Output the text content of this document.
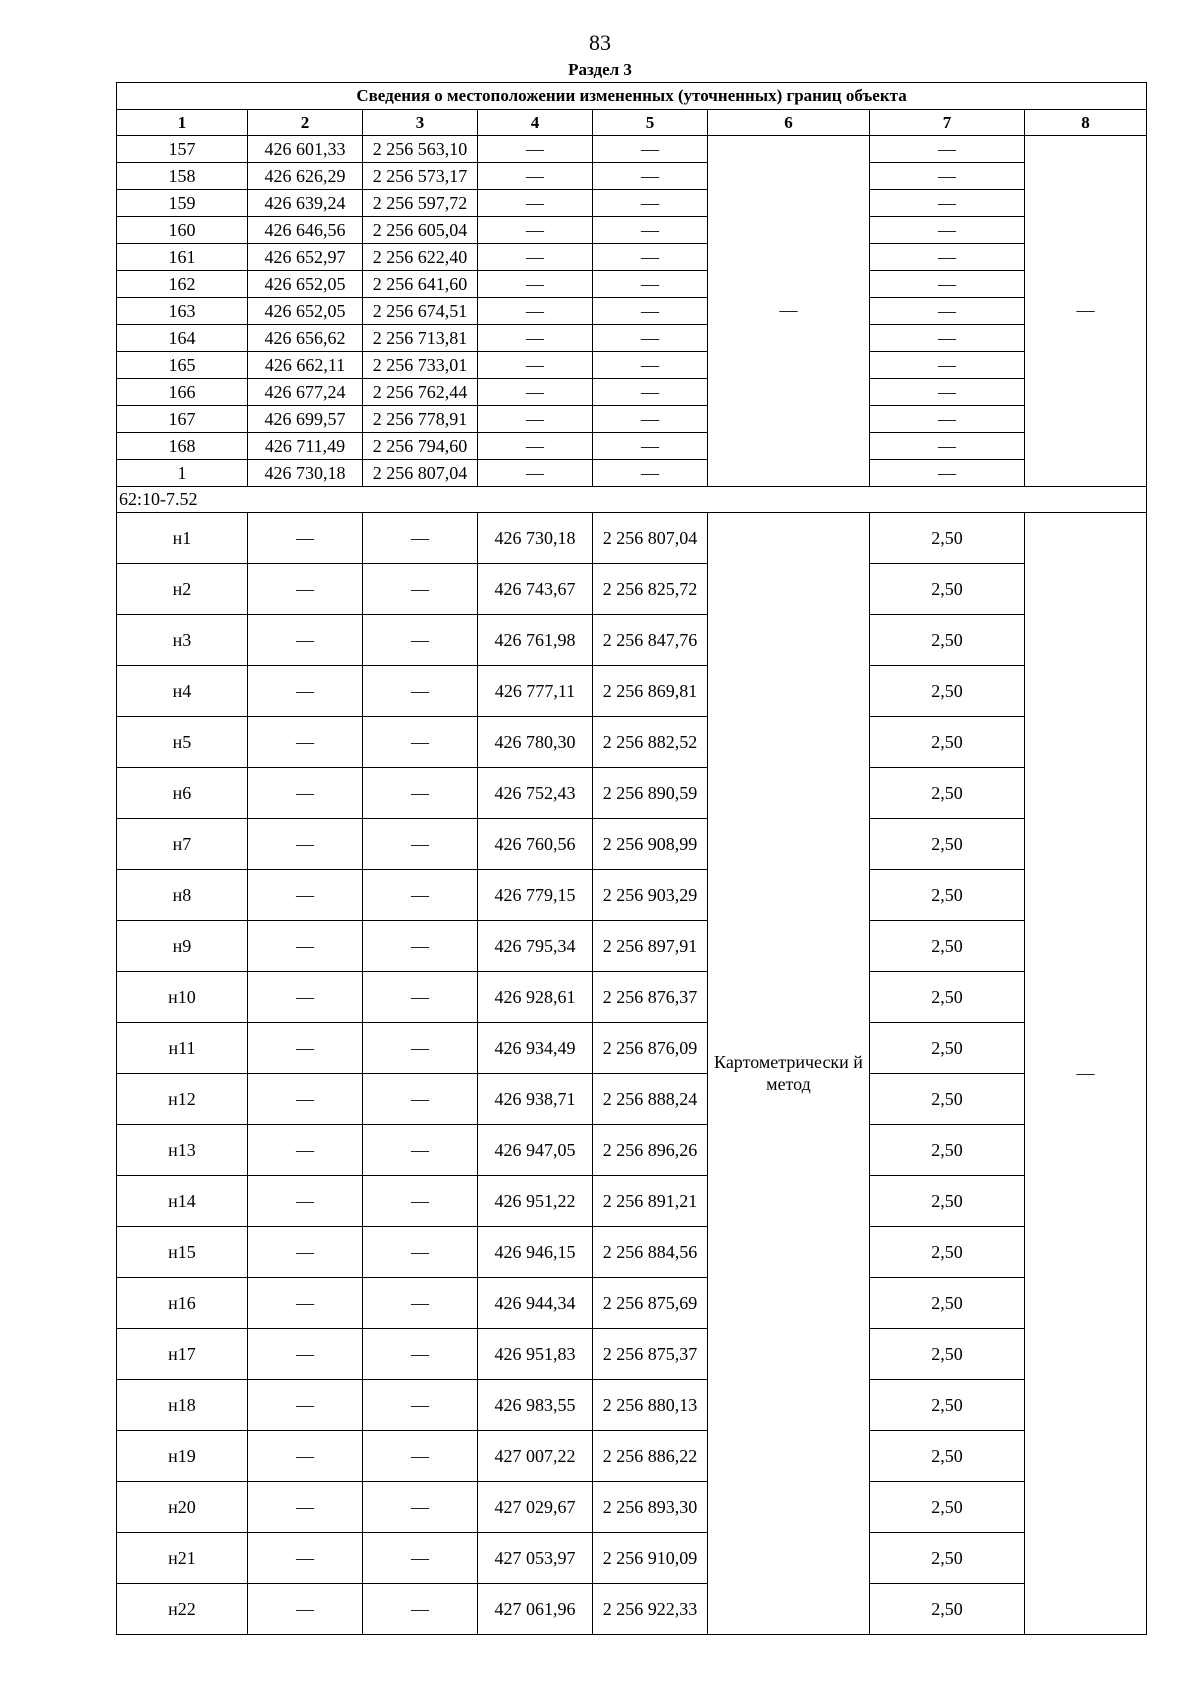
83
Раздел 3
Сведения о местоположении измененных (уточненных) границ объекта							
1	2	3	4	5	6	7	8
157	426 601,33	2 256 563,10	—	—	—	—	—
158	426 626,29	2 256 573,17	—	—		—	
159	426 639,24	2 256 597,72	—	—		—	
160	426 646,56	2 256 605,04	—	—		—	
161	426 652,97	2 256 622,40	—	—		—	
162	426 652,05	2 256 641,60	—	—		—	
163	426 652,05	2 256 674,51	—	—		—	
164	426 656,62	2 256 713,81	—	—		—	
165	426 662,11	2 256 733,01	—	—		—	
166	426 677,24	2 256 762,44	—	—		—	
167	426 699,57	2 256 778,91	—	—		—	
168	426 711,49	2 256 794,60	—	—		—	
1	426 730,18	2 256 807,04	—	—		—	
62:10-7.52							
н1	—	—	426 730,18	2 256 807,04	Картометрически й метод	2,50	—
н2	—	—	426 743,67	2 256 825,72		2,50	
н3	—	—	426 761,98	2 256 847,76		2,50	
н4	—	—	426 777,11	2 256 869,81		2,50	
н5	—	—	426 780,30	2 256 882,52		2,50	
н6	—	—	426 752,43	2 256 890,59		2,50	
н7	—	—	426 760,56	2 256 908,99		2,50	
н8	—	—	426 779,15	2 256 903,29		2,50	
н9	—	—	426 795,34	2 256 897,91		2,50	
н10	—	—	426 928,61	2 256 876,37		2,50	
н11	—	—	426 934,49	2 256 876,09		2,50	
н12	—	—	426 938,71	2 256 888,24		2,50	
н13	—	—	426 947,05	2 256 896,26		2,50	
н14	—	—	426 951,22	2 256 891,21		2,50	
н15	—	—	426 946,15	2 256 884,56		2,50	
н16	—	—	426 944,34	2 256 875,69		2,50	
н17	—	—	426 951,83	2 256 875,37		2,50	
н18	—	—	426 983,55	2 256 880,13		2,50	
н19	—	—	427 007,22	2 256 886,22		2,50	
н20	—	—	427 029,67	2 256 893,30		2,50	
н21	—	—	427 053,97	2 256 910,09		2,50	
н22	—	—	427 061,96	2 256 922,33		2,50	
